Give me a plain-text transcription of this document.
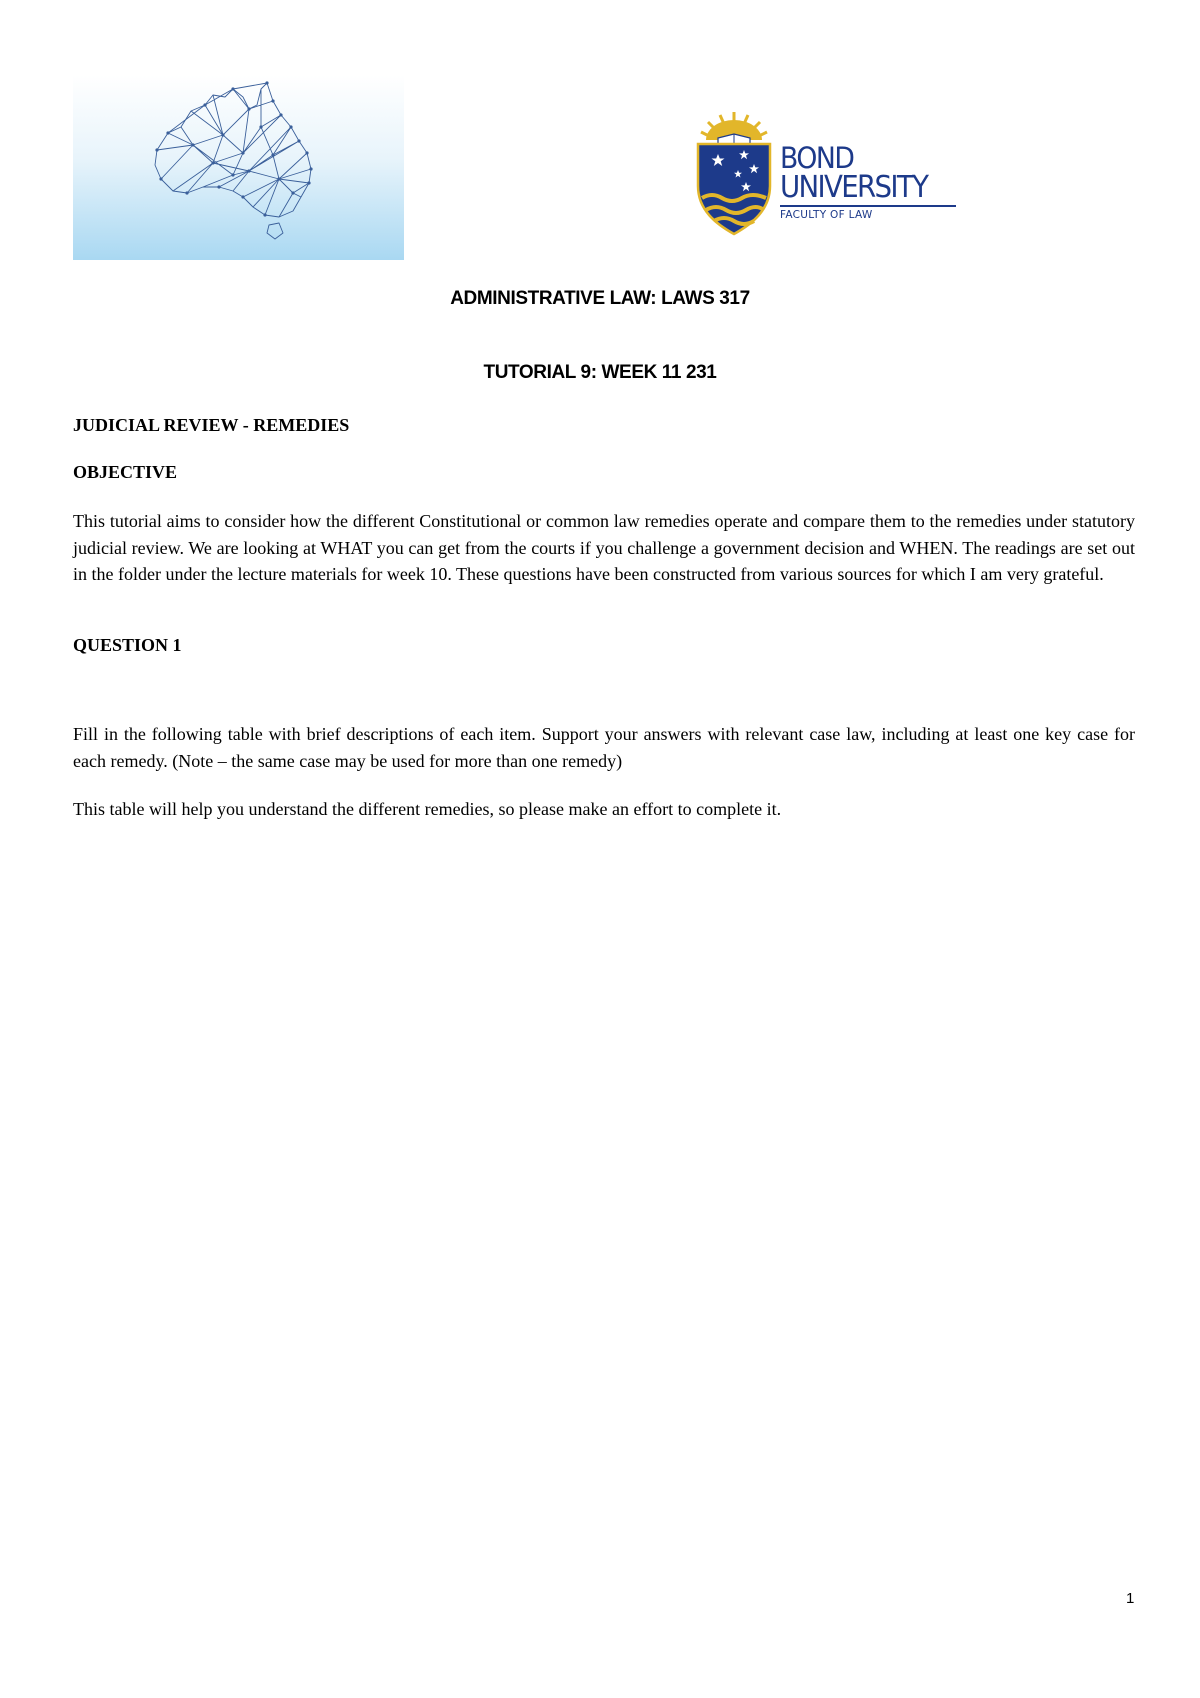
BOND
UNIVERSITY
FACULTY OF LAW
ADMINISTRATIVE LAW: LAWS 317
TUTORIAL 9: WEEK 11 231
JUDICIAL REVIEW - REMEDIES
OBJECTIVE

This tutorial aims to consider how the different Constitutional or common law remedies operate and compare them to the remedies under statutory judicial review. We are looking at WHAT you can get from the courts if you challenge a government decision and WHEN. The readings are set out in the folder under the lecture materials for week 10. These questions have been constructed from various sources for which I am very grateful.

QUESTION 1

Fill in the following table with brief descriptions of each item. Support your answers with relevant case law, including at least one key case for each remedy. (Note – the same case may be used for more than one remedy)

This table will help you understand the different remedies, so please make an effort to complete it.

1
